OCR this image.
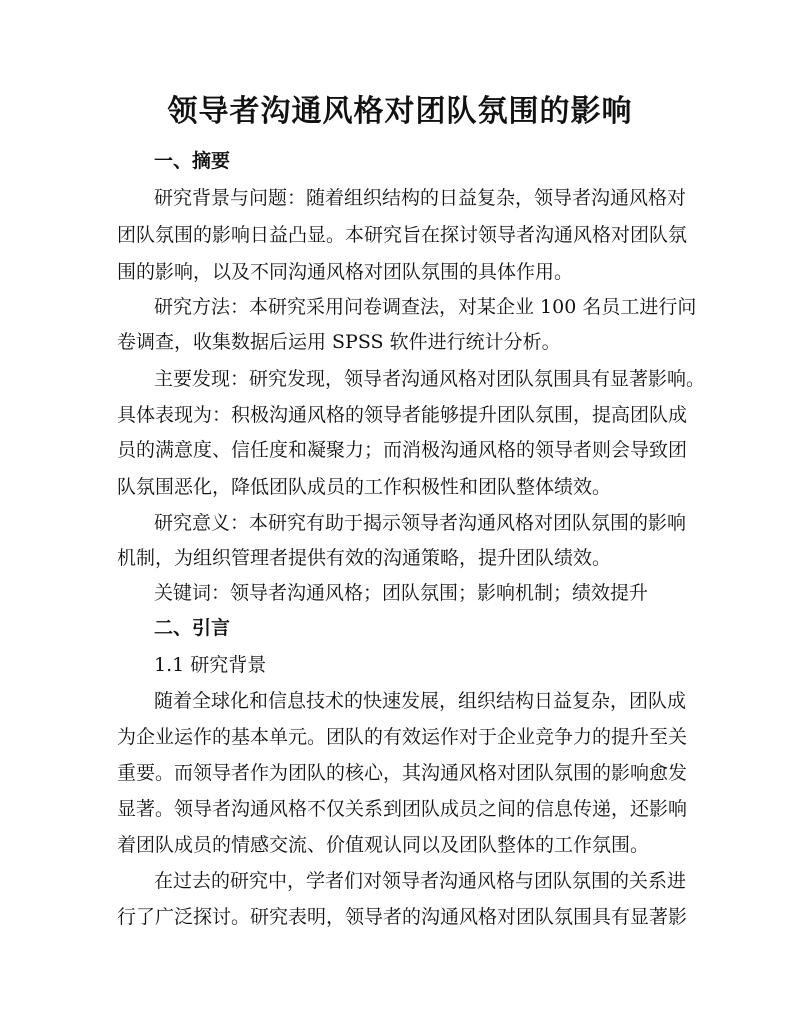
领导者沟通风格对团队氛围的影响
一、摘要
研究背景与问题：随着组织结构的日益复杂，领导者沟通风格对
团队氛围的影响日益凸显。本研究旨在探讨领导者沟通风格对团队氛
围的影响，以及不同沟通风格对团队氛围的具体作用。
研究方法：本研究采用问卷调查法，对某企业 100 名员工进行问
卷调查，收集数据后运用 SPSS 软件进行统计分析。
主要发现：研究发现，领导者沟通风格对团队氛围具有显著影响。
具体表现为：积极沟通风格的领导者能够提升团队氛围，提高团队成
员的满意度、信任度和凝聚力；而消极沟通风格的领导者则会导致团
队氛围恶化，降低团队成员的工作积极性和团队整体绩效。
研究意义：本研究有助于揭示领导者沟通风格对团队氛围的影响
机制，为组织管理者提供有效的沟通策略，提升团队绩效。
关键词：领导者沟通风格；团队氛围；影响机制；绩效提升
二、引言
1.1 研究背景
随着全球化和信息技术的快速发展，组织结构日益复杂，团队成
为企业运作的基本单元。团队的有效运作对于企业竞争力的提升至关
重要。而领导者作为团队的核心，其沟通风格对团队氛围的影响愈发
显著。领导者沟通风格不仅关系到团队成员之间的信息传递，还影响
着团队成员的情感交流、价值观认同以及团队整体的工作氛围。
在过去的研究中，学者们对领导者沟通风格与团队氛围的关系进
行了广泛探讨。研究表明，领导者的沟通风格对团队氛围具有显著影
